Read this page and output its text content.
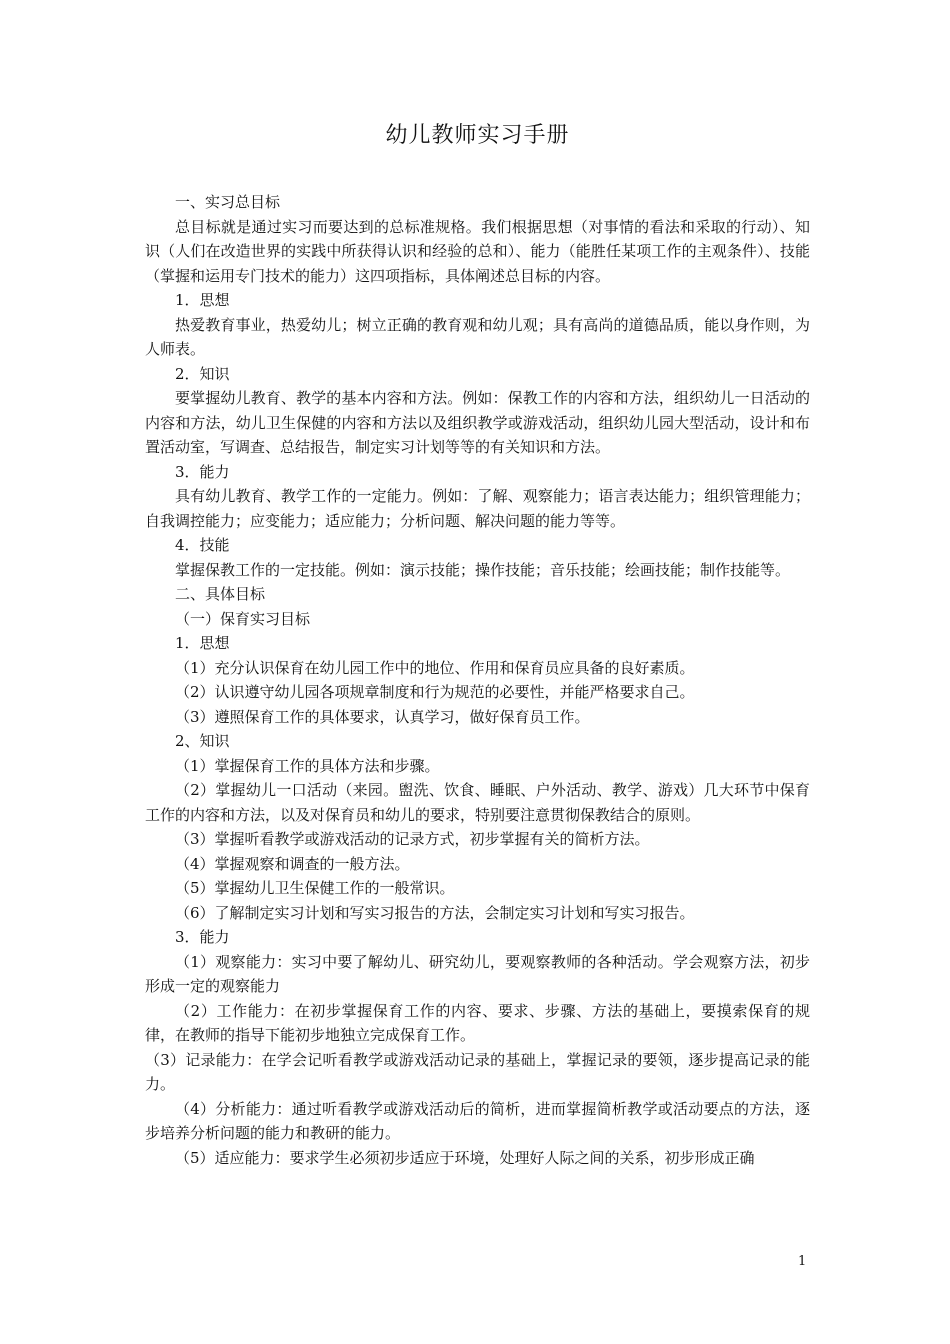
幼儿教师实习手册

一、实习总目标

总目标就是通过实习而要达到的总标准规格。我们根据思想（对事情的看法和采取的行动）、知识（人们在改造世界的实践中所获得认识和经验的总和）、能力（能胜任某项工作的主观条件）、技能（掌握和运用专门技术的能力）这四项指标，具体阐述总目标的内容。

1．思想

热爱教育事业，热爱幼儿；树立正确的教育观和幼儿观；具有高尚的道德品质，能以身作则，为人师表。

2．知识

要掌握幼儿教育、教学的基本内容和方法。例如：保教工作的内容和方法，组织幼儿一日活动的内容和方法，幼儿卫生保健的内容和方法以及组织教学或游戏活动，组织幼儿园大型活动，设计和布置活动室，写调查、总结报告，制定实习计划等等的有关知识和方法。

3．能力

具有幼儿教育、教学工作的一定能力。例如：了解、观察能力；语言表达能力；组织管理能力；自我调控能力；应变能力；适应能力；分析问题、解决问题的能力等等。

4．技能

掌握保教工作的一定技能。例如：演示技能；操作技能；音乐技能；绘画技能；制作技能等。

二、具体目标

（一）保育实习目标

1．思想

（1）充分认识保育在幼儿园工作中的地位、作用和保育员应具备的良好素质。

（2）认识遵守幼儿园各项规章制度和行为规范的必要性，并能严格要求自己。

（3）遵照保育工作的具体要求，认真学习，做好保育员工作。

2、知识

（1）掌握保育工作的具体方法和步骤。

（2）掌握幼儿一口活动（来园。盥洗、饮食、睡眠、户外活动、教学、游戏）几大环节中保育工作的内容和方法，以及对保育员和幼儿的要求，特别要注意贯彻保教结合的原则。

（3）掌握听看教学或游戏活动的记录方式，初步掌握有关的简析方法。

（4）掌握观察和调查的一般方法。

（5）掌握幼儿卫生保健工作的一般常识。

（6）了解制定实习计划和写实习报告的方法，会制定实习计划和写实习报告。

3．能力

（1）观察能力：实习中要了解幼儿、研究幼儿，要观察教师的各种活动。学会观察方法，初步形成一定的观察能力

（2）工作能力：在初步掌握保育工作的内容、要求、步骤、方法的基础上，要摸索保育的规律，在教师的指导下能初步地独立完成保育工作。

（3）记录能力：在学会记听看教学或游戏活动记录的基础上，掌握记录的要领，逐步提高记录的能力。

（4）分析能力：通过听看教学或游戏活动后的简析，进而掌握简析教学或活动要点的方法，逐步培养分析问题的能力和教研的能力。

（5）适应能力：要求学生必须初步适应于环境，处理好人际之间的关系，初步形成正确

1
